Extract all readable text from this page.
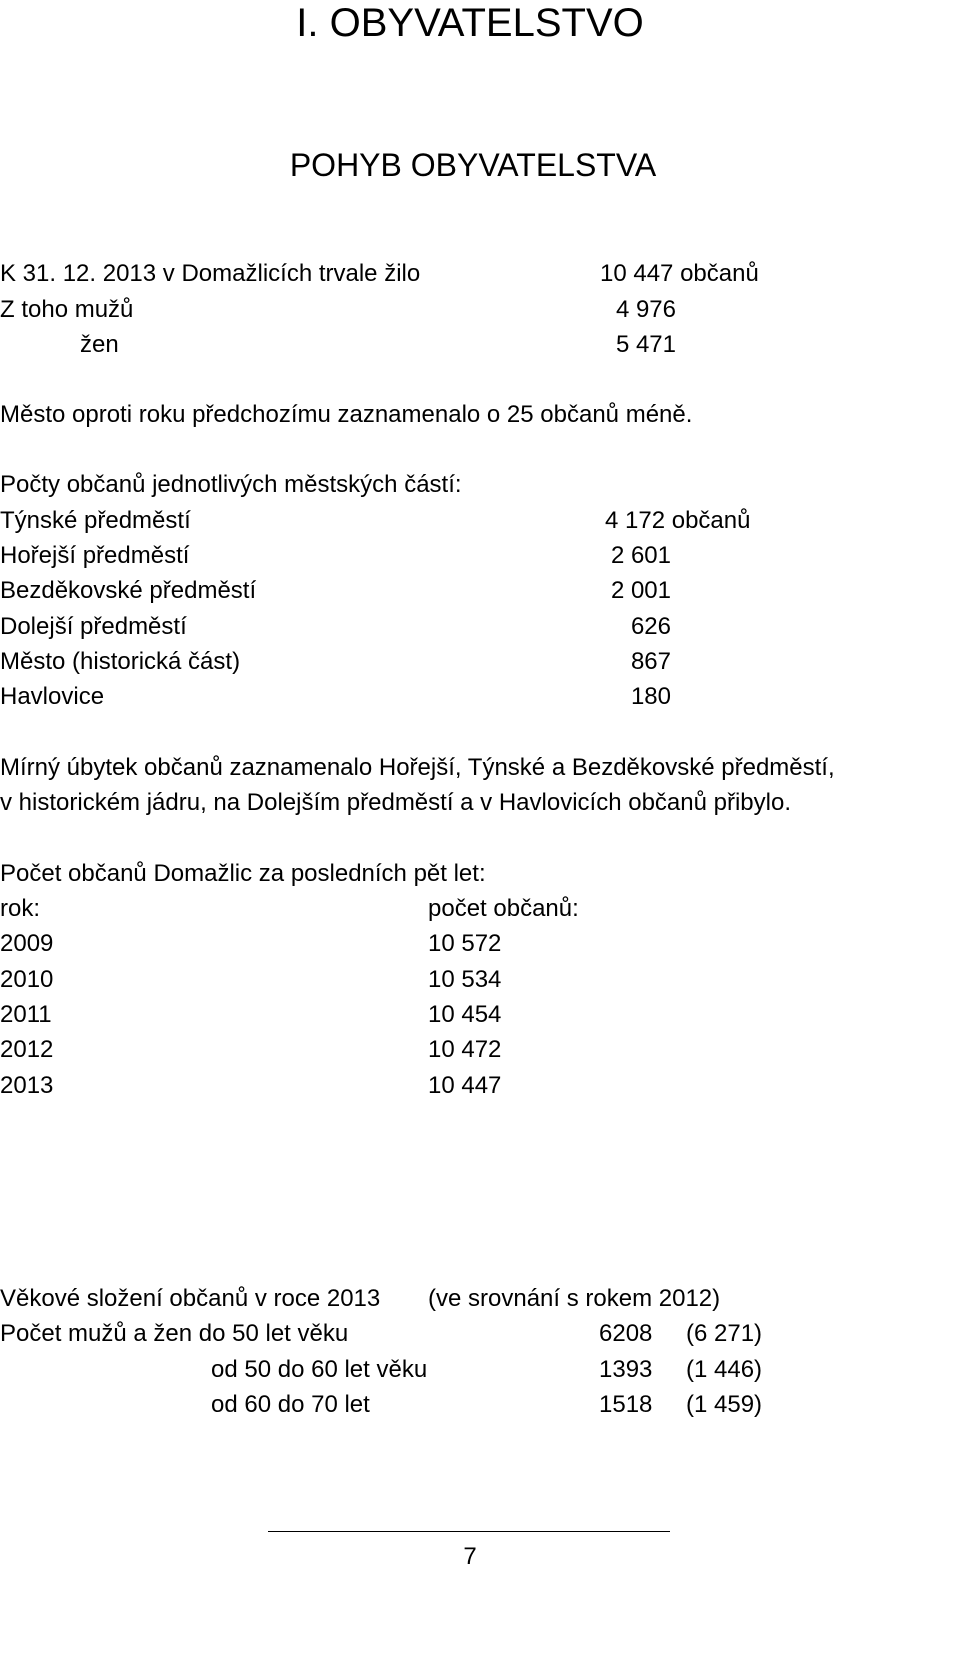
I. OBYVATELSTVO
POHYB OBYVATELSTVA
K 31. 12. 2013 v Domažlicích trvale žilo	10 447 občanů
Z toho mužů	4 976
žen	5 471
Město oproti roku předchozímu zaznamenalo o 25 občanů méně.
Počty občanů jednotlivých městských částí:
Týnské předměstí	4 172 občanů
Hořejší předměstí	2 601
Bezděkovské předměstí	2 001
Dolejší předměstí	626
Město (historická část)	867
Havlovice	180
Mírný úbytek občanů zaznamenalo Hořejší, Týnské a Bezděkovské předměstí,
v historickém jádru, na Dolejším předměstí a v Havlovicích občanů přibylo.
Počet občanů Domažlic za posledních pět let:
rok:	počet občanů:
2009	10 572
2010	10 534
2011	10 454
2012	10 472
2013	10 447
Věkové složení občanů v roce 2013 (ve srovnání s rokem 2012)
Počet mužů a žen do 50 let věku	6208 (6 271)
od 50 do 60 let věku	1393 (1 446)
od 60 do 70 let	1518 (1 459)
7
